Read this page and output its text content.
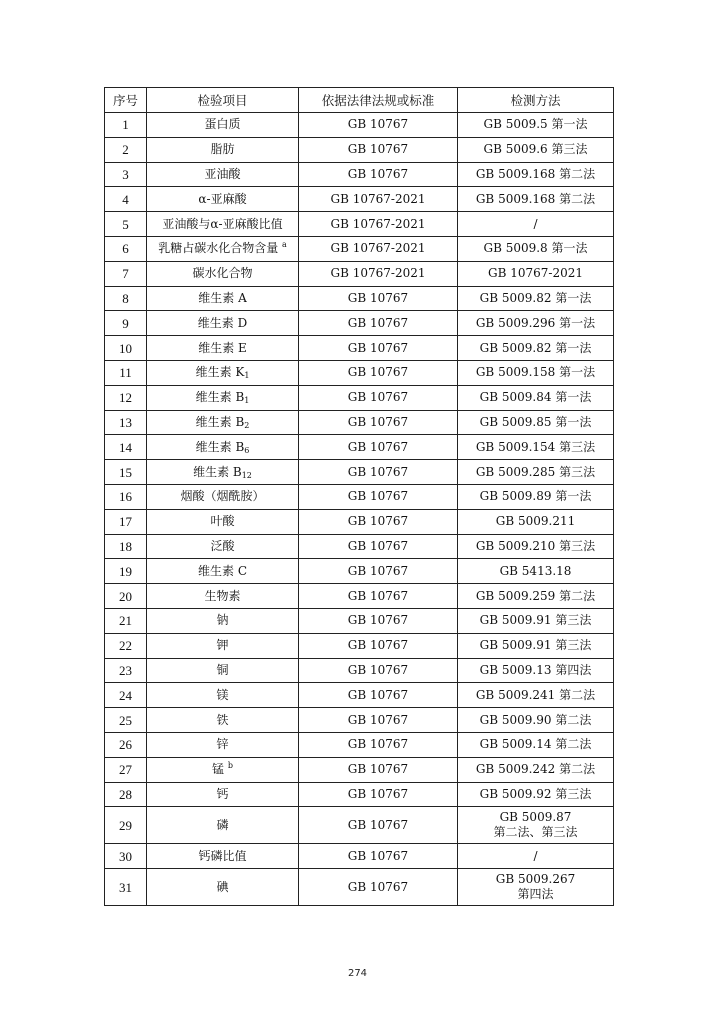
序号	检验项目	依据法律法规或标准	检测方法
1	蛋白质	GB 10767	GB 5009.5 第一法
2	脂肪	GB 10767	GB 5009.6 第三法
3	亚油酸	GB 10767	GB 5009.168 第二法
4	α-亚麻酸	GB 10767-2021	GB 5009.168 第二法
5	亚油酸与α-亚麻酸比值	GB 10767-2021	/
6	乳糖占碳水化合物含量 $^a$	GB 10767-2021	GB 5009.8 第一法
7	碳水化合物	GB 10767-2021	GB 10767-2021
8	维生素 A	GB 10767	GB 5009.82 第一法
9	维生素 D	GB 10767	GB 5009.296 第一法
10	维生素 E	GB 10767	GB 5009.82 第一法
11	维生素 $K_1$	GB 10767	GB 5009.158 第一法
12	维生素 $B_1$	GB 10767	GB 5009.84 第一法
13	维生素 $B_2$	GB 10767	GB 5009.85 第一法
14	维生素 $B_6$	GB 10767	GB 5009.154 第三法
15	维生素 $B_{12}$	GB 10767	GB 5009.285 第三法
16	烟酸（烟酰胺）	GB 10767	GB 5009.89 第一法
17	叶酸	GB 10767	GB 5009.211
18	泛酸	GB 10767	GB 5009.210 第三法
19	维生素 C	GB 10767	GB 5413.18
20	生物素	GB 10767	GB 5009.259 第二法
21	钠	GB 10767	GB 5009.91 第三法
22	钾	GB 10767	GB 5009.91 第三法
23	铜	GB 10767	GB 5009.13 第四法
24	镁	GB 10767	GB 5009.241 第二法
25	铁	GB 10767	GB 5009.90 第二法
26	锌	GB 10767	GB 5009.14 第二法
27	锰 $^b$	GB 10767	GB 5009.242 第二法
28	钙	GB 10767	GB 5009.92 第三法
29	磷	GB 10767	GB 5009.87
第二法、第三法

30	钙磷比值	GB 10767	/
31	碘	GB 10767	GB 5009.267
第四法
274
